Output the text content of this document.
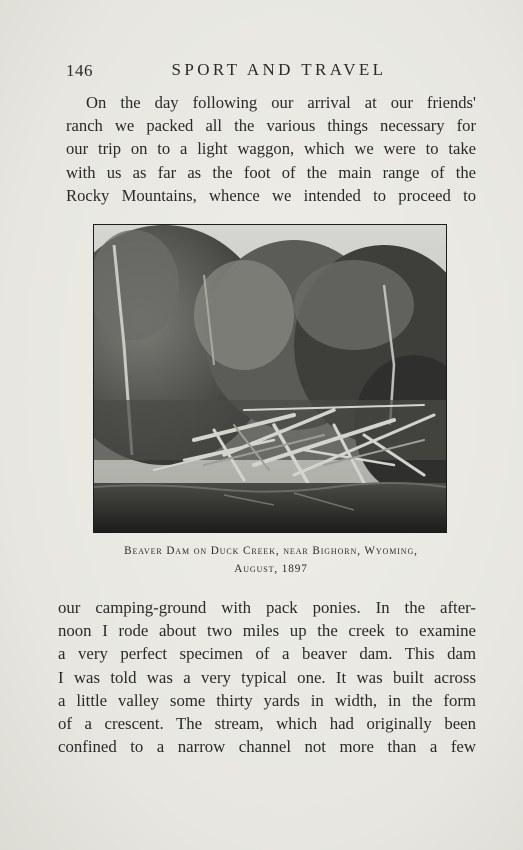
146	SPORT AND TRAVEL
On the day following our arrival at our friends'
ranch we packed all the various things necessary for
our trip on to a light waggon, which we were to take
with us as far as the foot of the main range of the
Rocky Mountains, whence we intended to proceed to
Beaver Dam on Duck Creek, near Bighorn, Wyoming,
August, 1897
our camping-ground with pack ponies. In the after-
noon I rode about two miles up the creek to examine
a very perfect specimen of a beaver dam. This dam
I was told was a very typical one. It was built across
a little valley some thirty yards in width, in the form
of a crescent. The stream, which had originally been
confined to a narrow channel not more than a few
